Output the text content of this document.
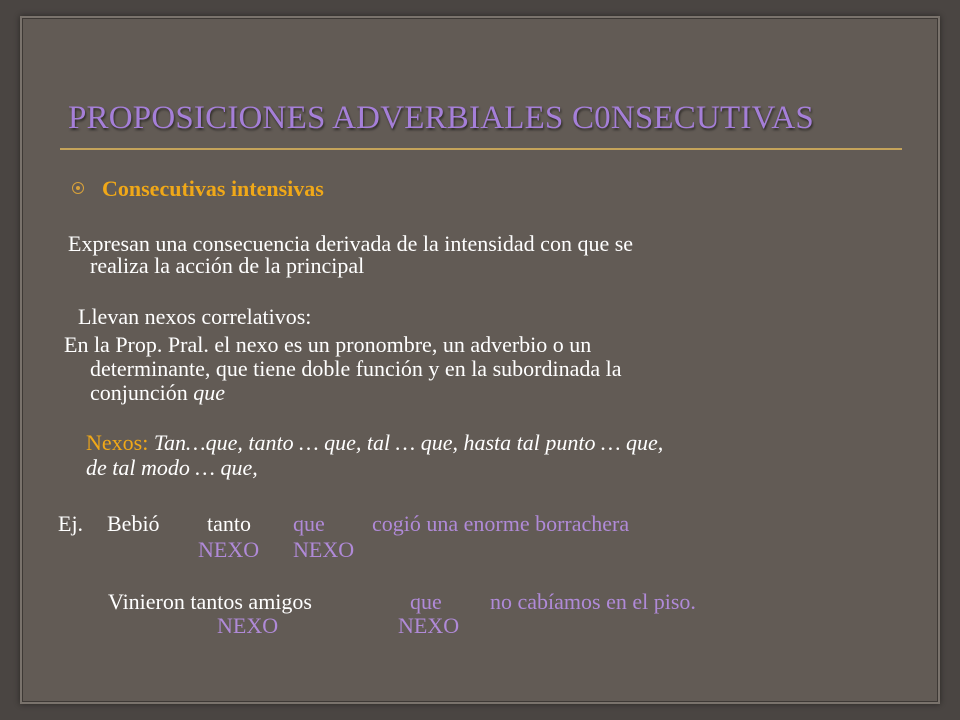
PROPOSICIONES ADVERBIALES C0NSECUTIVAS
Consecutivas intensivas
Expresan una consecuencia derivada de la intensidad con que se
realiza la acción de la principal
Llevan nexos correlativos:
En la Prop. Pral. el nexo es un pronombre, un adverbio o un
determinante, que tiene doble función y en la subordinada la
conjunción que
Nexos: Tan…que, tanto … que, tal … que, hasta tal punto … que,
de tal modo … que,
Ej. Bebió tanto que cogió una enorme borrachera
NEXO NEXO
Vinieron tantos amigos	que no cabíamos en el piso.
NEXO	NEXO
